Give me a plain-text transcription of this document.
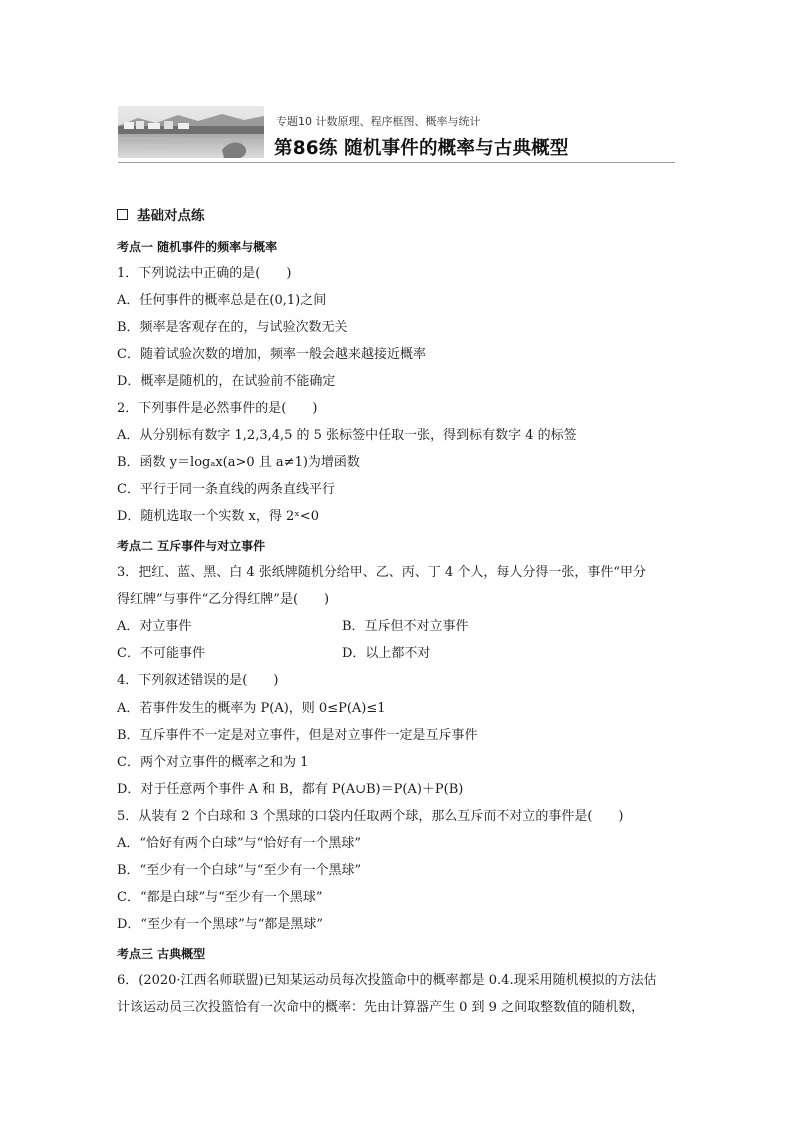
专题10 计数原理、程序框图、概率与统计
第86练 随机事件的概率与古典概型
基础对点练
考点一 随机事件的频率与概率
1．下列说法中正确的是(　　)
A．任何事件的概率总是在(0,1)之间
B．频率是客观存在的，与试验次数无关
C．随着试验次数的增加，频率一般会越来越接近概率
D．概率是随机的，在试验前不能确定
2．下列事件是必然事件的是(　　)
A．从分别标有数字 1,2,3,4,5 的 5 张标签中任取一张，得到标有数字 4 的标签
B．函数 y＝logₐx(a>0 且 a≠1)为增函数
C．平行于同一条直线的两条直线平行
D．随机选取一个实数 x，得 2ˣ<0
考点二 互斥事件与对立事件
3．把红、蓝、黑、白 4 张纸牌随机分给甲、乙、丙、丁 4 个人，每人分得一张，事件“甲分
得红牌”与事件“乙分得红牌”是(　　)
A．对立事件	B．互斥但不对立事件
C．不可能事件	D．以上都不对
4．下列叙述错误的是(　　)
A．若事件发生的概率为 P(A)，则 0≤P(A)≤1
B．互斥事件不一定是对立事件，但是对立事件一定是互斥事件
C．两个对立事件的概率之和为 1
D．对于任意两个事件 A 和 B，都有 P(A∪B)＝P(A)＋P(B)
5．从装有 2 个白球和 3 个黑球的口袋内任取两个球，那么互斥而不对立的事件是(　　)
A．“恰好有两个白球”与“恰好有一个黑球”
B．“至少有一个白球”与“至少有一个黑球”
C．“都是白球”与“至少有一个黑球”
D．“至少有一个黑球”与“都是黑球”
考点三 古典概型
6．(2020·江西名师联盟)已知某运动员每次投篮命中的概率都是 0.4.现采用随机模拟的方法估
计该运动员三次投篮恰有一次命中的概率：先由计算器产生 0 到 9 之间取整数值的随机数，
